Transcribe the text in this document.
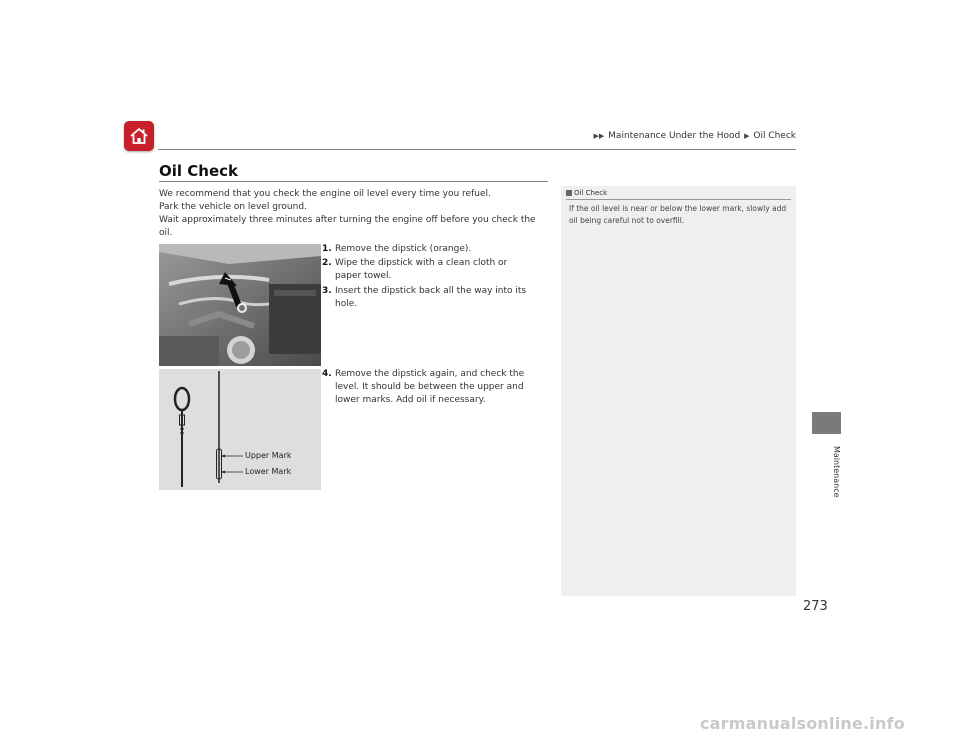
▶▶ Maintenance Under the Hood ▶ Oil Check
Oil Check
We recommend that you check the engine oil level every time you refuel.
Park the vehicle on level ground.
Wait approximately three minutes after turning the engine off before you check the oil.
1. Remove the dipstick (orange).
2. Wipe the dipstick with a clean cloth or paper towel.
3. Insert the dipstick back all the way into its hole.
4. Remove the dipstick again, and check the level. It should be between the upper and lower marks. Add oil if necessary.
Upper Mark
Lower Mark
Oil Check
If the oil level is near or below the lower mark, slowly add oil being careful not to overfill.
Maintenance
273
carmanualsonline.info
